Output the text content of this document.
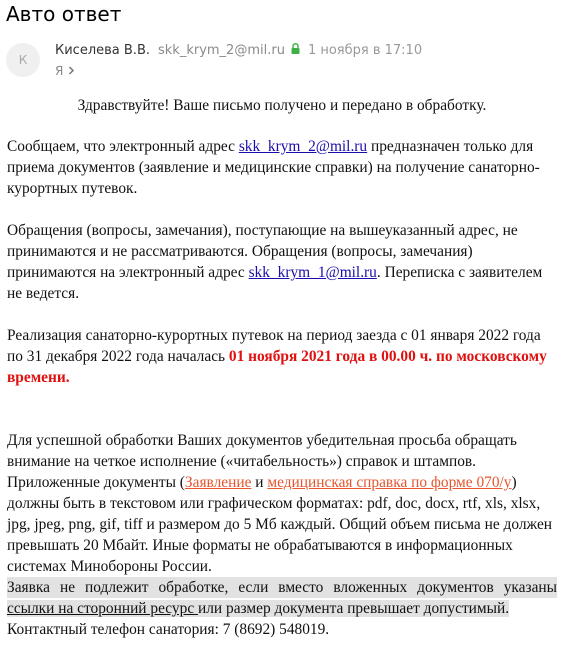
Авто ответ
К
Киселева В.В. skk_krym_2@mil.ru 1 ноября в 17:10
Я

Здравствуйте! Ваше письмо получено и передано в обработку.

Сообщаем, что электронный адрес skk_krym_2@mil.ru предназначен только для приема документов (заявление и медицинские справки) на получение санаторно-курортных путевок.

Обращения (вопросы, замечания), поступающие на вышеуказанный адрес, не принимаются и не рассматриваются. Обращения (вопросы, замечания) принимаются на электронный адрес skk_krym_1@mil.ru. Переписка с заявителем не ведется.

Реализация санаторно-курортных путевок на период заезда с 01 января 2022 года по 31 декабря 2022 года началась 01 ноября 2021 года в 00.00 ч. по московскому времени.

Для успешной обработки Ваших документов убедительная просьба обращать внимание на четкое исполнение («читабельность») справок и штампов. Приложенные документы (Заявление и медицинская справка по форме 070/у) должны быть в текстовом или графическом форматах: pdf, doc, docx, rtf, xls, xlsx, jpg, jpeg, png, gif, tiff и размером до 5 Мб каждый. Общий объем письма не должен превышать 20 Мбайт. Иные форматы не обрабатываются в информационных системах Минобороны России.

Заявка не подлежит обработке, если вместо вложенных документов указаны

ссылки на сторонний ресурс или размер документа превышает допустимый.

Контактный телефон санатория: 7 (8692) 548019.
